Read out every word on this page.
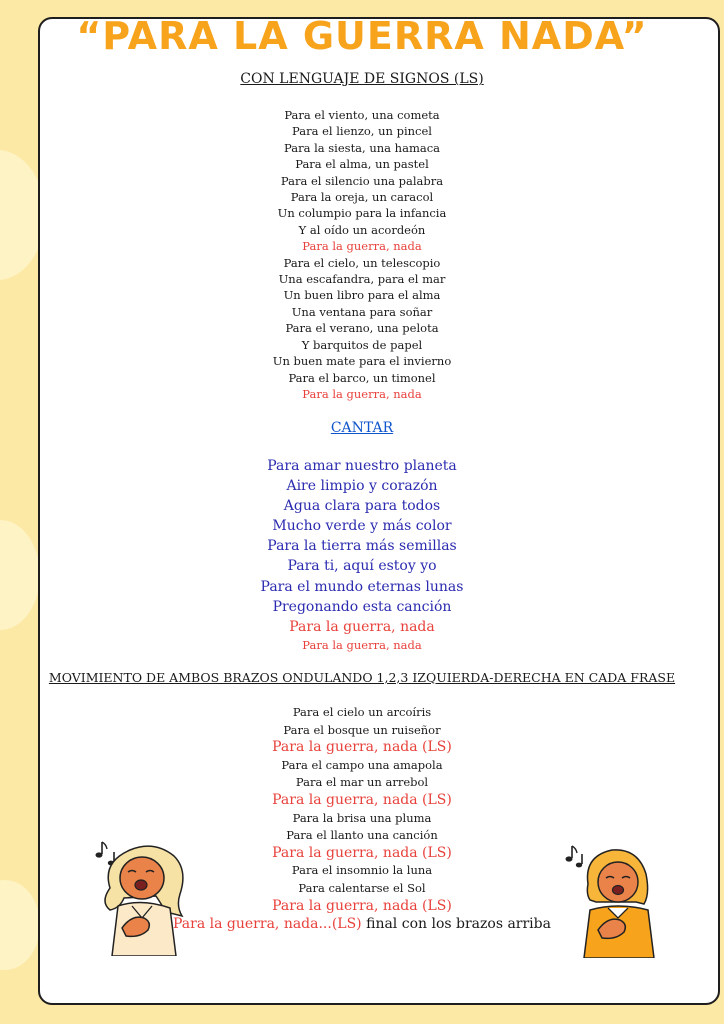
“PARA LA GUERRA NADA”
CON LENGUAJE DE SIGNOS (LS)
Para el viento, una cometa
Para el lienzo, un pincel
Para la siesta, una hamaca
Para el alma, un pastel
Para el silencio una palabra
Para la oreja, un caracol
Un columpio para la infancia
Y al oído un acordeón
Para la guerra, nada
Para el cielo, un telescopio
Una escafandra, para el mar
Un buen libro para el alma
Una ventana para soñar
Para el verano, una pelota
Y barquitos de papel
Un buen mate para el invierno
Para el barco, un timonel
Para la guerra, nada
CANTAR
Para amar nuestro planeta
Aire limpio y corazón
Agua clara para todos
Mucho verde y más color
Para la tierra más semillas
Para ti, aquí estoy yo
Para el mundo eternas lunas
Pregonando esta canción
Para la guerra, nada
Para la guerra, nada
MOVIMIENTO DE AMBOS BRAZOS ONDULANDO 1,2,3 IZQUIERDA-DERECHA EN CADA FRASE
Para el cielo un arcoíris
Para el bosque un ruiseñor
Para la guerra, nada (LS)
Para el campo una amapola
Para el mar un arrebol
Para la guerra, nada (LS)
Para la brisa una pluma
Para el llanto una canción
Para la guerra, nada (LS)
Para el insomnio la luna
Para calentarse el Sol
Para la guerra, nada (LS)
Para la guerra, nada...(LS) final con los brazos arriba
